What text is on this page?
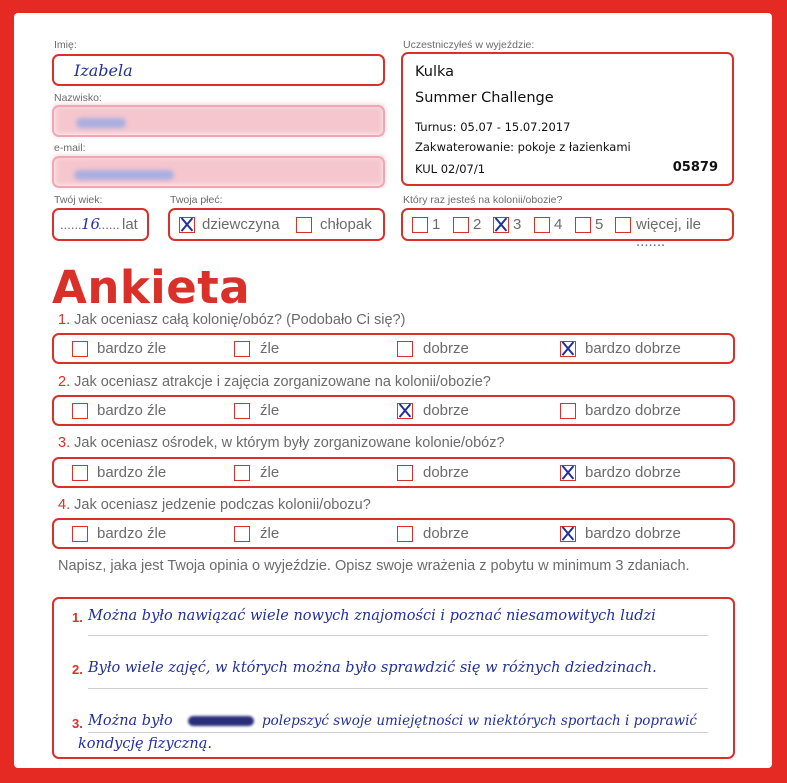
Imię:
Izabela
Nazwisko:
e-mail:
Twój wiek:
...... 16
...... lat
Twoja płeć:
dziewczyna	chłopak
Uczestniczyłeś w wyjeździe:
Kulka
Summer Challenge
Turnus: 05.07 - 15.07.2017
Zakwaterowanie: pokoje z łazienkami
KUL 02/07/1	05879
Który raz jesteś na kolonii/obozie?
1 2 3 4 5 więcej, ile .......
Ankieta
1. Jak oceniasz całą kolonię/obóz? (Podobało Ci się?)
bardzo źle	źle	dobrze	bardzo dobrze
2. Jak oceniasz atrakcje i zajęcia zorganizowane na kolonii/obozie?
bardzo źle	źle	dobrze	bardzo dobrze
3. Jak oceniasz ośrodek, w którym były zorganizowane kolonie/obóz?
bardzo źle	źle	dobrze	bardzo dobrze
4. Jak oceniasz jedzenie podczas kolonii/obozu?
bardzo źle	źle	dobrze	bardzo dobrze
Napisz, jaka jest Twoja opinia o wyjeździe. Opisz swoje wrażenia z pobytu w minimum 3 zdaniach.
1. Można było nawiązać wiele nowych znajomości i poznać niesamowitych ludzi
2. Było wiele zajęć, w których można było sprawdzić się w różnych dziedzinach.
3. Można było	polepszyć swoje umiejętności w niektórych sportach i poprawić
kondycję fizyczną.
